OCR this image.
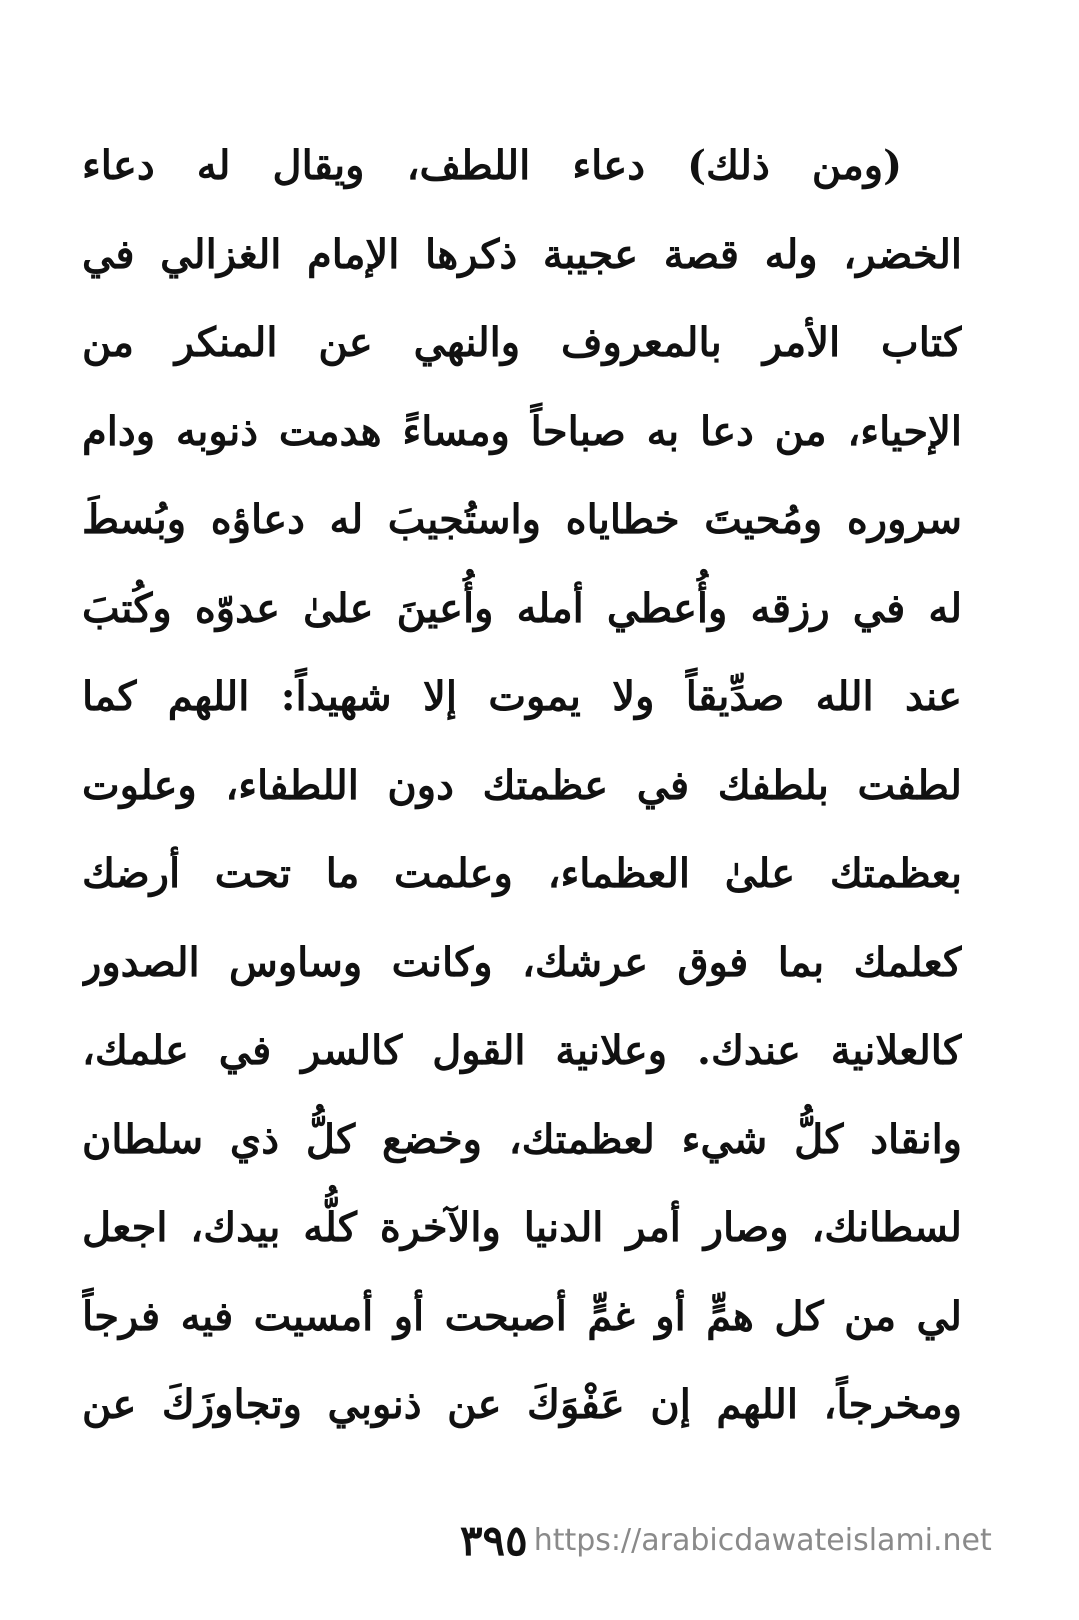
(ومن ذلك) دعاء اللطف، ويقال له دعاء
الخضر، وله قصة عجيبة ذكرها الإمام الغزالي في
كتاب الأمر بالمعروف والنهي عن المنكر من
الإحياء، من دعا به صباحاً ومساءً هدمت ذنوبه ودام
سروره ومُحيتَ خطاياه واستُجيبَ له دعاؤه وبُسطَ
له في رزقه وأُعطي أمله وأُعينَ علىٰ عدوّه وكُتبَ
عند الله صدِّيقاً ولا يموت إلا شهيداً: اللهم كما
لطفت بلطفك في عظمتك دون اللطفاء، وعلوت
بعظمتك علىٰ العظماء، وعلمت ما تحت أرضك
كعلمك بما فوق عرشك، وكانت وساوس الصدور
كالعلانية عندك. وعلانية القول كالسر في علمك،
وانقاد كلُّ شيء لعظمتك، وخضع كلُّ ذي سلطان
لسطانك، وصار أمر الدنيا والآخرة كلُّه بيدك، اجعل
لي من كل همٍّ أو غمٍّ أصبحت أو أمسيت فيه فرجاً
ومخرجاً، اللهم إن عَفْوَكَ عن ذنوبي وتجاوزَكَ عن
٣٩٥ https://arabicdawateislami.net
